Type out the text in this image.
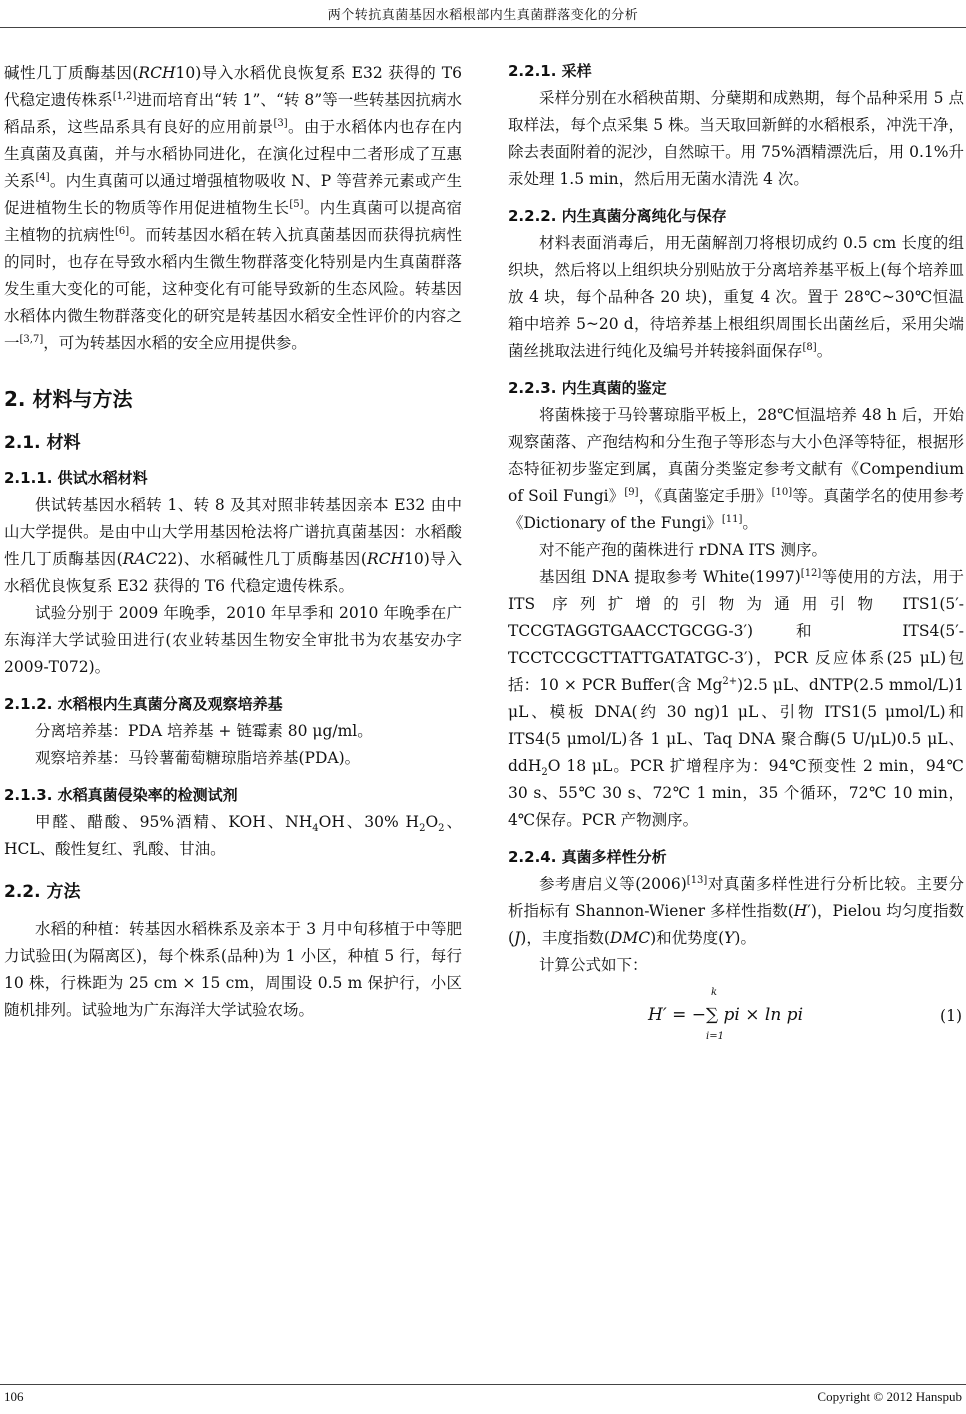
两个转抗真菌基因水稻根部内生真菌群落变化的分析

碱性几丁质酶基因(RCH10)导入水稻优良恢复系 E32 获得的 T6 代稳定遗传株系[1,2]进而培育出“转 1”、“转 8”等一些转基因抗病水稻品系，这些品系具有良好的应用前景[3]。由于水稻体内也存在内生真菌及真菌，并与水稻协同进化，在演化过程中二者形成了互惠关系[4]。内生真菌可以通过增强植物吸收 N、P 等营养元素或产生促进植物生长的物质等作用促进植物生长[5]。内生真菌可以提高宿主植物的抗病性[6]。而转基因水稻在转入抗真菌基因而获得抗病性的同时，也存在导致水稻内生微生物群落变化特别是内生真菌群落发生重大变化的可能，这种变化有可能导致新的生态风险。转基因水稻体内微生物群落变化的研究是转基因水稻安全性评价的内容之一[3,7]，可为转基因水稻的安全应用提供参。

2. 材料与方法
2.1. 材料
2.1.1. 供试水稻材料

供试转基因水稻转 1、转 8 及其对照非转基因亲本 E32 由中山大学提供。是由中山大学用基因枪法将广谱抗真菌基因：水稻酸性几丁质酶基因(RAC22)、水稻碱性几丁质酶基因(RCH10)导入水稻优良恢复系 E32 获得的 T6 代稳定遗传株系。

试验分别于 2009 年晚季，2010 年早季和 2010 年晚季在广东海洋大学试验田进行(农业转基因生物安全审批书为农基安办字 2009-T072)。

2.1.2. 水稻根内生真菌分离及观察培养基

分离培养基：PDA 培养基 + 链霉素 80 μg/ml。

观察培养基：马铃薯葡萄糖琼脂培养基(PDA)。

2.1.3. 水稻真菌侵染率的检测试剂

甲醛、醋酸、95%酒精、KOH、$NH_4OH$、30% $H_2O_2$、HCL、酸性复红、乳酸、甘油。

2.2. 方法

水稻的种植：转基因水稻株系及亲本于 3 月中旬移植于中等肥力试验田(为隔离区)，每个株系(品种)为 1 小区，种植 5 行，每行 10 株，行株距为 25 cm × 15 cm，周围设 0.5 m 保护行，小区随机排列。试验地为广东海洋大学试验农场。

2.2.1. 采样

采样分别在水稻秧苗期、分蘖期和成熟期，每个品种采用 5 点取样法，每个点采集 5 株。当天取回新鲜的水稻根系，冲洗干净，除去表面附着的泥沙，自然晾干。用 75%酒精漂洗后，用 0.1%升汞处理 1.5 min，然后用无菌水清洗 4 次。

2.2.2. 内生真菌分离纯化与保存

材料表面消毒后，用无菌解剖刀将根切成约 0.5 cm 长度的组织块，然后将以上组织块分别贴放于分离培养基平板上(每个培养皿放 4 块，每个品种各 20 块)，重复 4 次。置于 28℃~30℃恒温箱中培养 5~20 d，待培养基上根组织周围长出菌丝后，采用尖端菌丝挑取法进行纯化及编号并转接斜面保存[8]。

2.2.3. 内生真菌的鉴定

将菌株接于马铃薯琼脂平板上，28℃恒温培养 48 h 后，开始观察菌落、产孢结构和分生孢子等形态与大小色泽等特征，根据形态特征初步鉴定到属，真菌分类鉴定参考文献有《Compendium of Soil Fungi》[9]，《真菌鉴定手册》[10]等。真菌学名的使用参考《Dictionary of the Fungi》[11]。

对不能产孢的菌株进行 rDNA ITS 测序。

基因组 DNA 提取参考 White(1997)[12]等使用的方法，用于 ITS 序列扩增的引物为通用引物 ITS1(5′-TCCGTAGGTGAACCTGCGG-3′)和 ITS4(5′-TCCTCCGCTTATTGATATGC-3′)，PCR 反应体系(25 μL)包括：10 × PCR Buffer(含 $Mg^{2+})2.5$ μL、dNTP(2.5 mmol/L)1 μL、模板 DNA(约 30 ng)1 μL、引物 ITS1(5 μmol/L)和 ITS4(5 μmol/L)各 1 μL、Taq DNA 聚合酶(5 U/μL)0.5 μL、ddH$_2$O 18 μL。PCR 扩增程序为：94℃预变性 2 min，94℃ 30 s、55℃ 30 s、72℃ 1 min，35 个循环，72℃ 10 min，4℃保存。PCR 产物测序。

2.2.4. 真菌多样性分析

参考唐启义等(2006)[13]对真菌多样性进行分析比较。主要分析指标有 Shannon-Wiener 多样性指数(H′)，Pielou 均匀度指数(J)，丰度指数(DMC)和优势度(Y)。

计算公式如下：

k
H′ = −∑ pi × ln pi
i=1
(1)
106	Copyright © 2012 Hanspub
